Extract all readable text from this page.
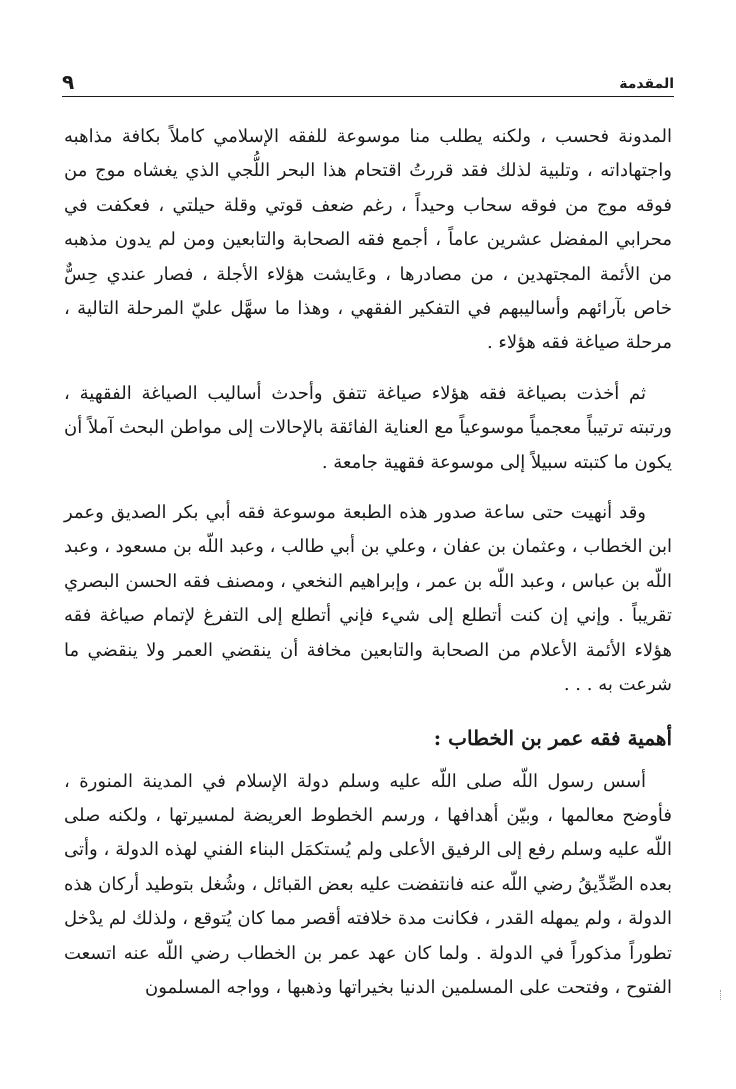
المقدمة
٩

المدونة فحسب ، ولكنه يطلب منا موسوعة للفقه الإسلامي كاملاً بكافة مذاهبه واجتهاداته ، وتلبية لذلك فقد قررتُ اقتحام هذا البحر اللُّجي الذي يغشاه موج من فوقه موج من فوقه سحاب وحيداً ، رغم ضعف قوتي وقلة حيلتي ، فعكفت في محرابي المفضل عشرين عاماً ، أجمع فقه الصحابة والتابعين ومن لم يدون مذهبه من الأئمة المجتهدين ، من مصادرها ، وعَايشت هؤلاء الأجلة ، فصار عندي حِسٌّ خاص بآرائهم وأساليبهم في التفكير الفقهي ، وهذا ما سهَّل عليّ المرحلة التالية ، مرحلة صياغة فقه هؤلاء .

ثم أخذت بصياغة فقه هؤلاء صياغة تتفق وأحدث أساليب الصياغة الفقهية ، ورتبته ترتيباً معجمياً موسوعياً مع العناية الفائقة بالإحالات إلى مواطن البحث آملاً أن يكون ما كتبته سبيلاً إلى موسوعة فقهية جامعة .

وقد أنهيت حتى ساعة صدور هذه الطبعة موسوعة فقه أبي بكر الصديق وعمر ابن الخطاب ، وعثمان بن عفان ، وعلي بن أبي طالب ، وعبد اللّه بن مسعود ، وعبد اللّه بن عباس ، وعبد اللّه بن عمر ، وإبراهيم النخعي ، ومصنف فقه الحسن البصري تقريباً . وإني إن كنت أتطلع إلى شيء فإني أتطلع إلى التفرغ لإتمام صياغة فقه هؤلاء الأئمة الأعلام من الصحابة والتابعين مخافة أن ينقضي العمر ولا ينقضي ما شرعت به . . .

أهمية فقه عمر بن الخطاب :

أسس رسول اللّه صلى اللّه عليه وسلم دولة الإسلام في المدينة المنورة ، فأوضح معالمها ، وبيّن أهدافها ، ورسم الخطوط العريضة لمسيرتها ، ولكنه صلى اللّه عليه وسلم رفع إلى الرفيق الأعلى ولم يُستكمَل البناء الفني لهذه الدولة ، وأتى بعده الصِّدِّيقُ رضي اللّه عنه فانتفضت عليه بعض القبائل ، وشُغل بتوطيد أركان هذه الدولة ، ولم يمهله القدر ، فكانت مدة خلافته أقصر مما كان يُتوقع ، ولذلك لم يدْخل تطوراً مذكوراً في الدولة . ولما كان عهد عمر بن الخطاب رضي اللّه عنه اتسعت الفتوح ، وفتحت على المسلمين الدنيا بخيراتها وذهبها ، وواجه المسلمون
